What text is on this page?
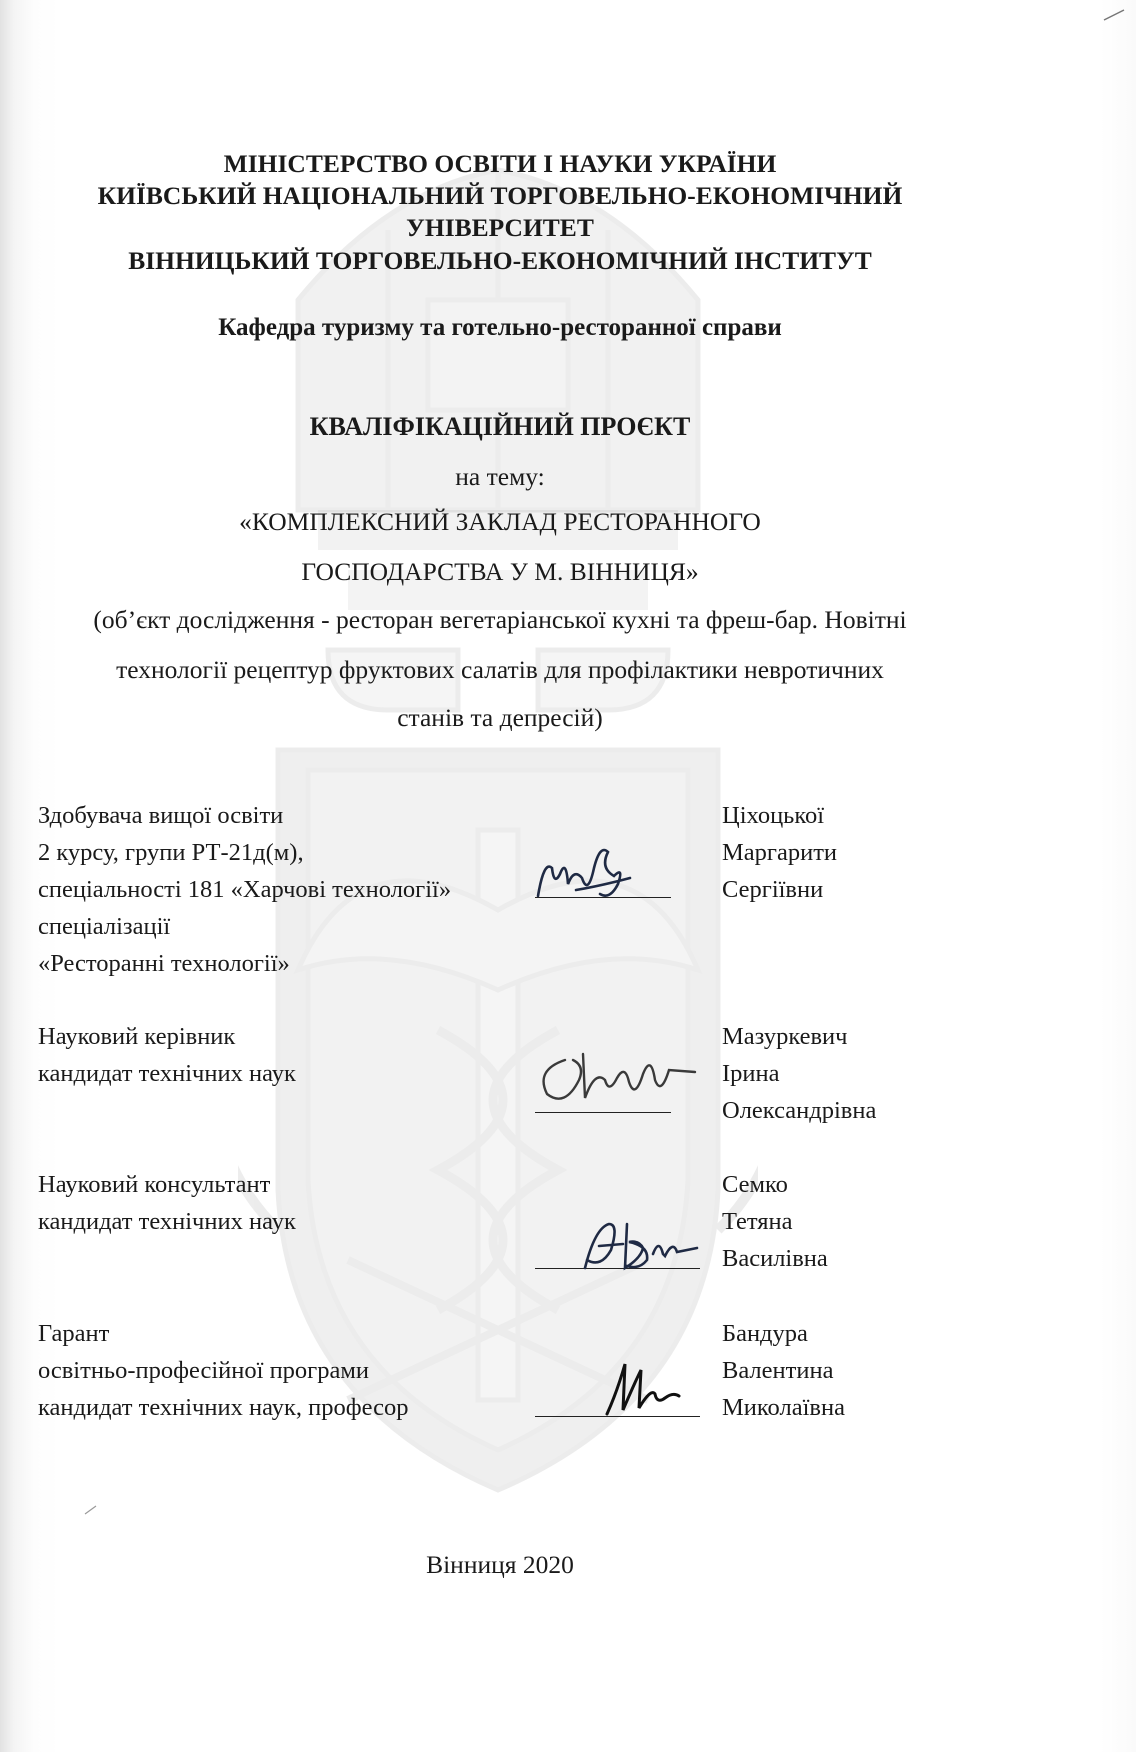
МІНІСТЕРСТВО ОСВІТИ І НАУКИ УКРАЇНИ
КИЇВСЬКИЙ НАЦІОНАЛЬНИЙ ТОРГОВЕЛЬНО-ЕКОНОМІЧНИЙ
УНІВЕРСИТЕТ
ВІННИЦЬКИЙ ТОРГОВЕЛЬНО-ЕКОНОМІЧНИЙ ІНСТИТУТ
Кафедра туризму та готельно-ресторанної справи
КВАЛІФІКАЦІЙНИЙ ПРОЄКТ
на тему:
«КОМПЛЕКСНИЙ ЗАКЛАД РЕСТОРАННОГО
ГОСПОДАРСТВА У М. ВІННИЦЯ»
(об’єкт дослідження - ресторан вегетаріанської кухні та фреш-бар. Новітні
технології рецептур фруктових салатів для профілактики невротичних
станів та депресій)
Здобувача вищої освіти
2 курсу, групи РТ-21д(м),
спеціальності 181 «Харчові технології»
спеціалізації
«Ресторанні технології»
Ціхоцької
Маргарити
Сергіївни
Науковий керівник
кандидат технічних наук
Мазуркевич
Ірина
Олександрівна
Науковий консультант
кандидат технічних наук
Семко
Тетяна
Василівна
Гарант
освітньо-професійної програми
кандидат технічних наук, професор
Бандура
Валентина
Миколаївна
Вінниця 2020
